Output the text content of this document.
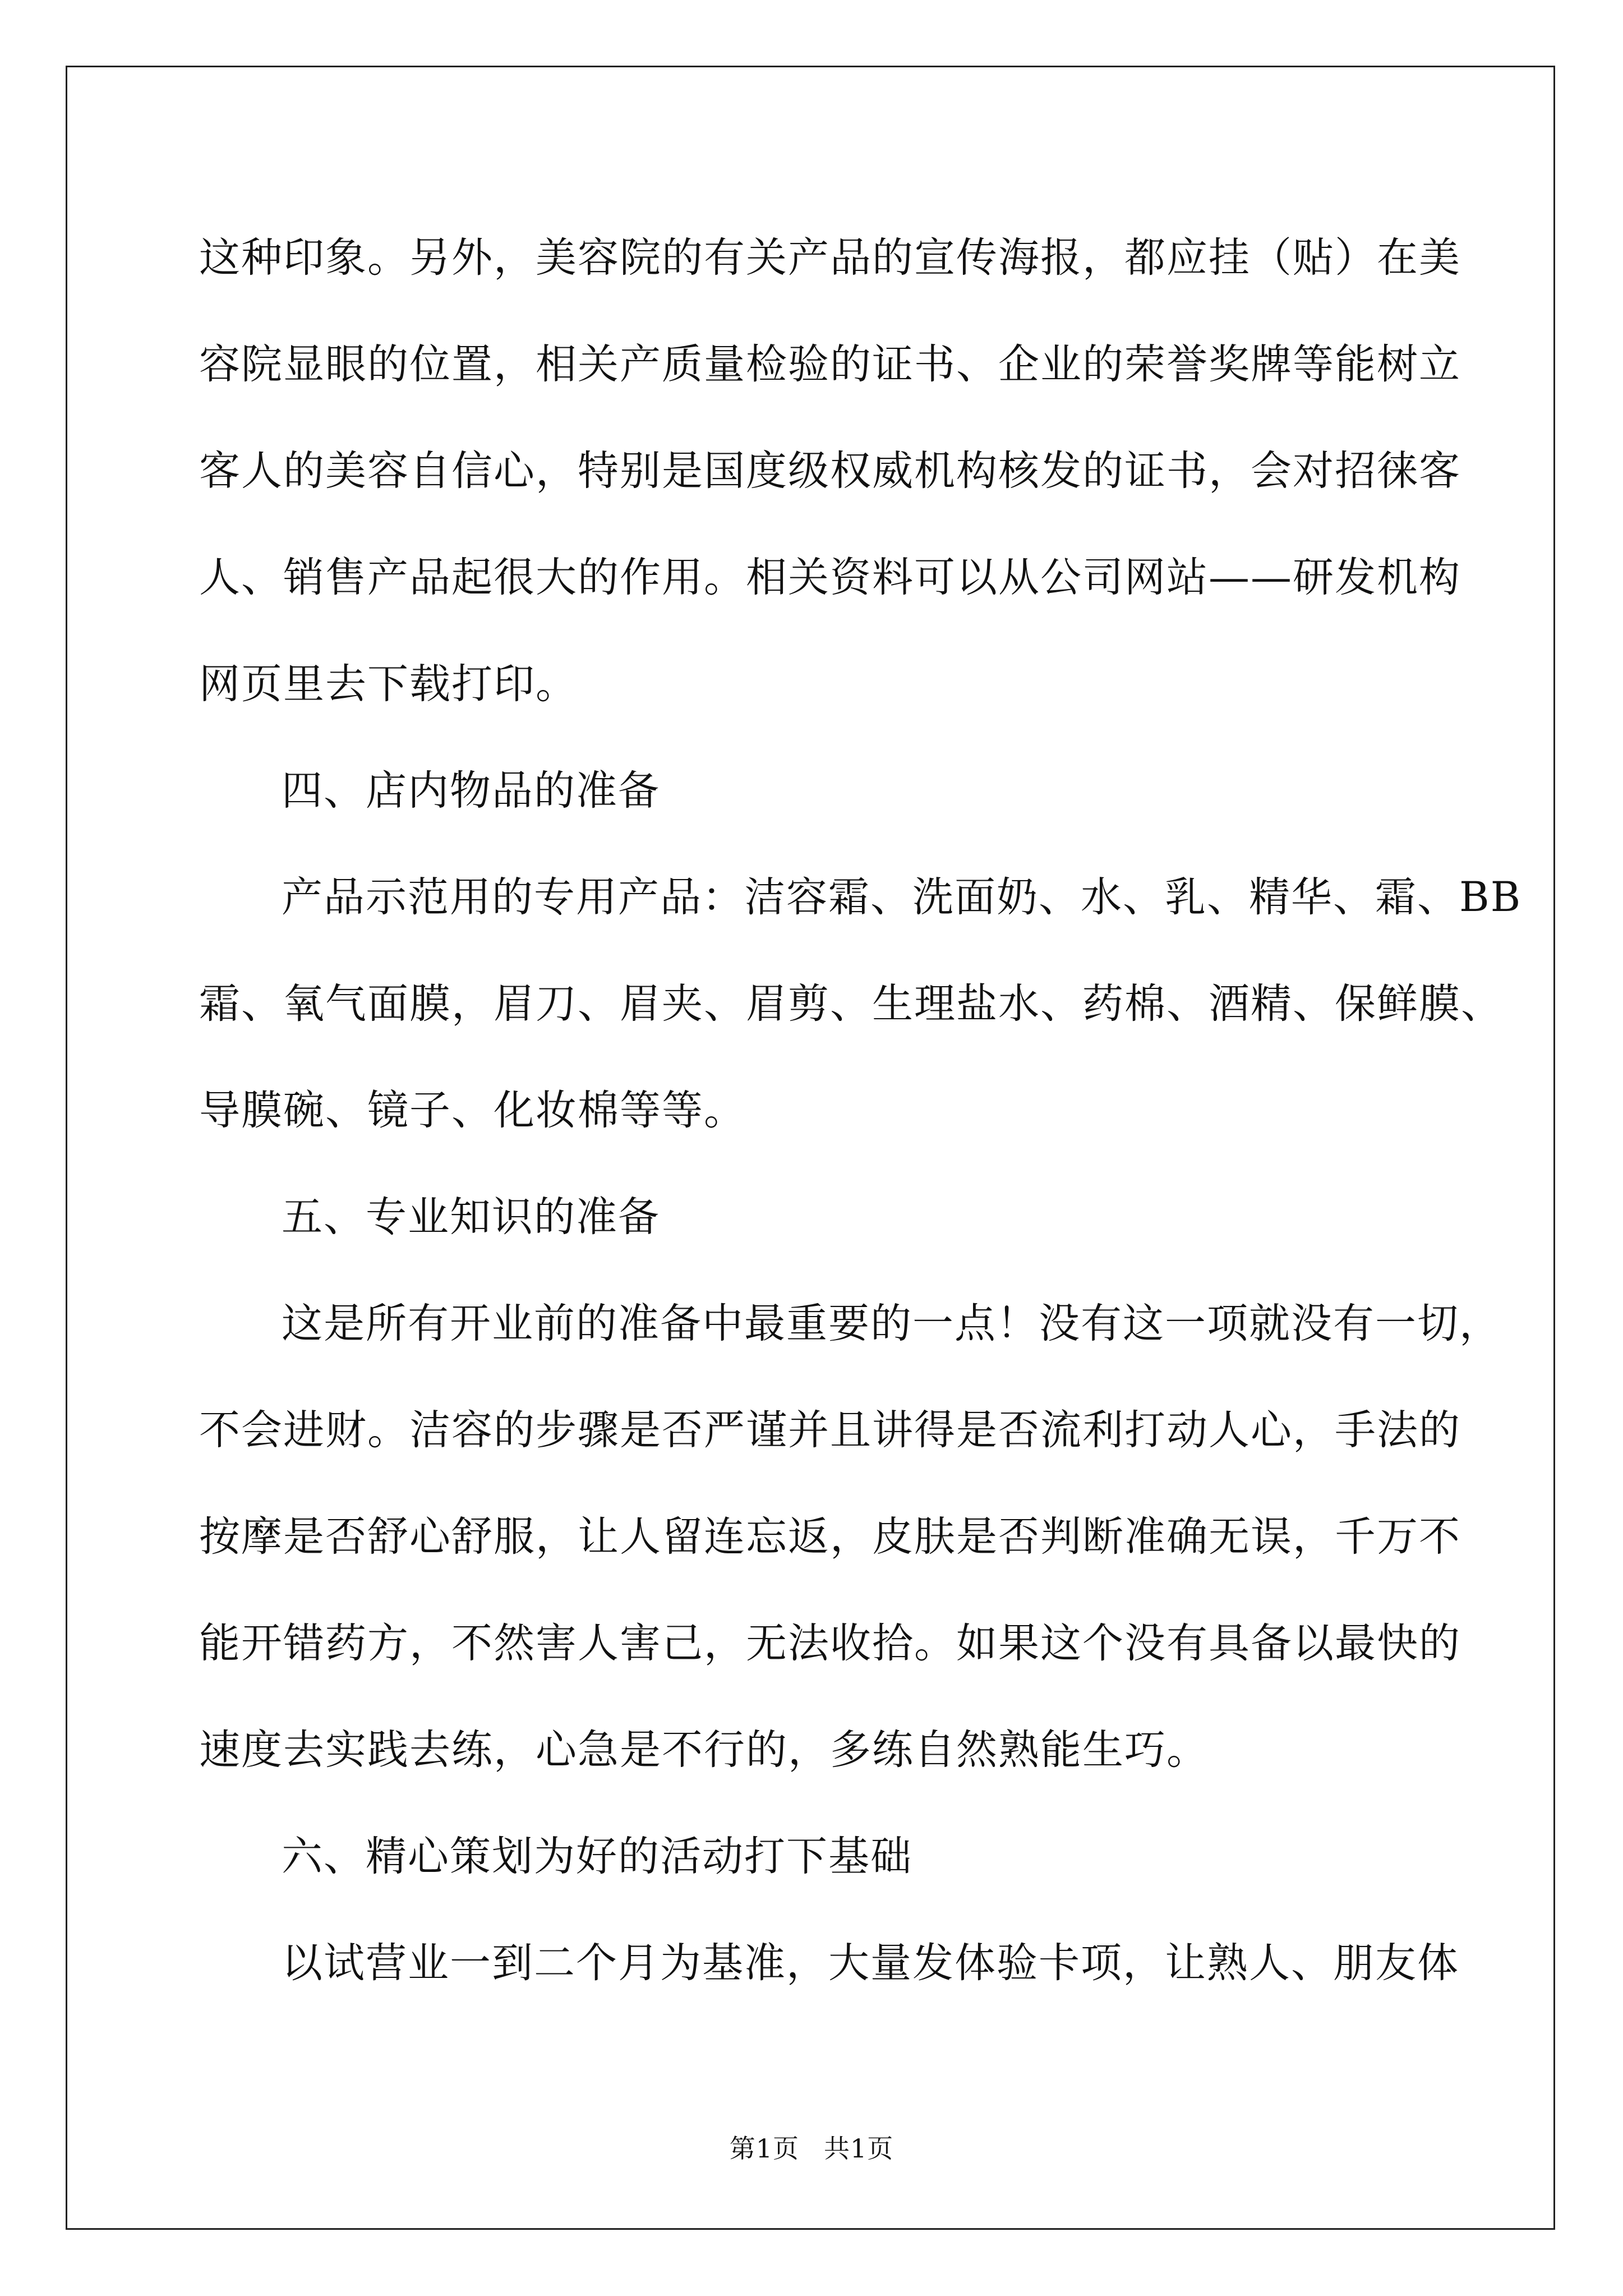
这种印象。另外，美容院的有关产品的宣传海报，都应挂（贴）在美
容院显眼的位置，相关产质量检验的证书、企业的荣誉奖牌等能树立
客人的美容自信心，特别是国度级权威机构核发的证书，会对招徕客
人、销售产品起很大的作用。相关资料可以从公司网站——研发机构
网页里去下载打印。
四、店内物品的准备
产品示范用的专用产品：洁容霜、洗面奶、水、乳、精华、霜、BB
霜、氧气面膜，眉刀、眉夹、眉剪、生理盐水、药棉、酒精、保鲜膜、
导膜碗、镜子、化妆棉等等。
五、专业知识的准备
这是所有开业前的准备中最重要的一点！没有这一项就没有一切，
不会进财。洁容的步骤是否严谨并且讲得是否流利打动人心，手法的
按摩是否舒心舒服，让人留连忘返，皮肤是否判断准确无误，千万不
能开错药方，不然害人害己，无法收拾。如果这个没有具备以最快的
速度去实践去练，心急是不行的，多练自然熟能生巧。
六、精心策划为好的活动打下基础
以试营业一到二个月为基准，大量发体验卡项，让熟人、朋友体
第1页 共1页
